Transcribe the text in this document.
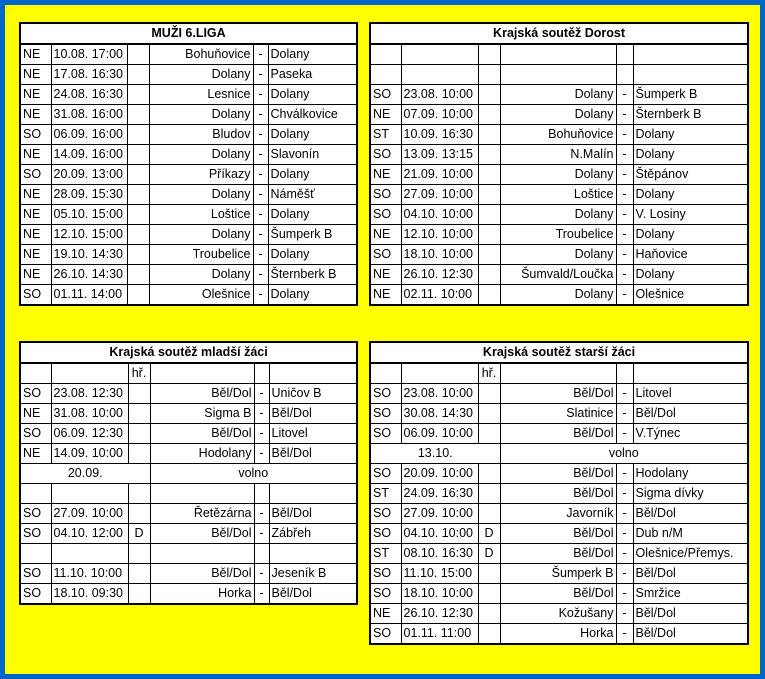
MUŽI 6.LIGA					
NE	10.08. 17:00		Bohuňovice	-	Dolany
NE	17.08. 16:30		Dolany	-	Paseka
NE	24.08. 16:30		Lesnice	-	Dolany
NE	31.08. 16:00		Dolany	-	Chválkovice
SO	06.09. 16:00		Bludov	-	Dolany
NE	14.09. 16:00		Dolany	-	Slavonín
SO	20.09. 13:00		Příkazy	-	Dolany
NE	28.09. 15:30		Dolany	-	Náměšť
NE	05.10. 15:00		Loštice	-	Dolany
NE	12.10. 15:00		Dolany	-	Šumperk B
NE	19.10. 14:30		Troubelice	-	Dolany
NE	26.10. 14:30		Dolany	-	Šternberk B
SO	01.11. 14:00		Olešnice	-	Dolany
Krajská soutěž Dorost					

SO	23.08. 10:00		Dolany	-	Šumperk B
NE	07.09. 10:00		Dolany	-	Šternberk B
ST	10.09. 16:30		Bohuňovice	-	Dolany
SO	13.09. 13:15		N.Malín	-	Dolany
NE	21.09. 10:00		Dolany	-	Štěpánov
SO	27.09. 10:00		Loštice	-	Dolany
SO	04.10. 10:00		Dolany	-	V. Losiny
NE	12.10. 10:00		Troubelice	-	Dolany
SO	18.10. 10:00		Dolany	-	Haňovice
NE	26.10. 12:30		Šumvald/Loučka	-	Dolany
NE	02.11. 10:00		Dolany	-	Olešnice
Krajská soutěž mladší žáci					
		hř.			
SO	23.08. 12:30		Běl/Dol	-	Uničov B
NE	31.08. 10:00		Sigma B	-	Běl/Dol
SO	06.09. 12:30		Běl/Dol	-	Litovel
NE	14.09. 10:00		Hodolany	-	Běl/Dol
20.09.			volno		

SO	27.09. 10:00		Řetězárna	-	Běl/Dol
SO	04.10. 12:00	D	Běl/Dol	-	Zábřeh

SO	11.10. 10:00		Běl/Dol	-	Jeseník B
SO	18.10. 09:30		Horka	-	Běl/Dol
Krajská soutěž starší žáci					
		hř.			
SO	23.08. 10:00		Běl/Dol	-	Litovel
SO	30.08. 14:30		Slatinice	-	Běl/Dol
SO	06.09. 10:00		Běl/Dol	-	V.Týnec
13.10.			volno		
SO	20.09. 10:00		Běl/Dol	-	Hodolany
ST	24.09. 16:30		Běl/Dol	-	Sigma dívky
SO	27.09. 10:00		Javorník	-	Běl/Dol
SO	04.10. 10:00	D	Běl/Dol	-	Dub n/M
ST	08.10. 16:30	D	Běl/Dol	-	Olešnice/Přemys.
SO	11.10. 15:00		Šumperk B	-	Běl/Dol
SO	18.10. 10:00		Běl/Dol	-	Smržice
NE	26.10. 12:30		Kožušany	-	Běl/Dol
SO	01.11. 11:00		Horka	-	Běl/Dol
